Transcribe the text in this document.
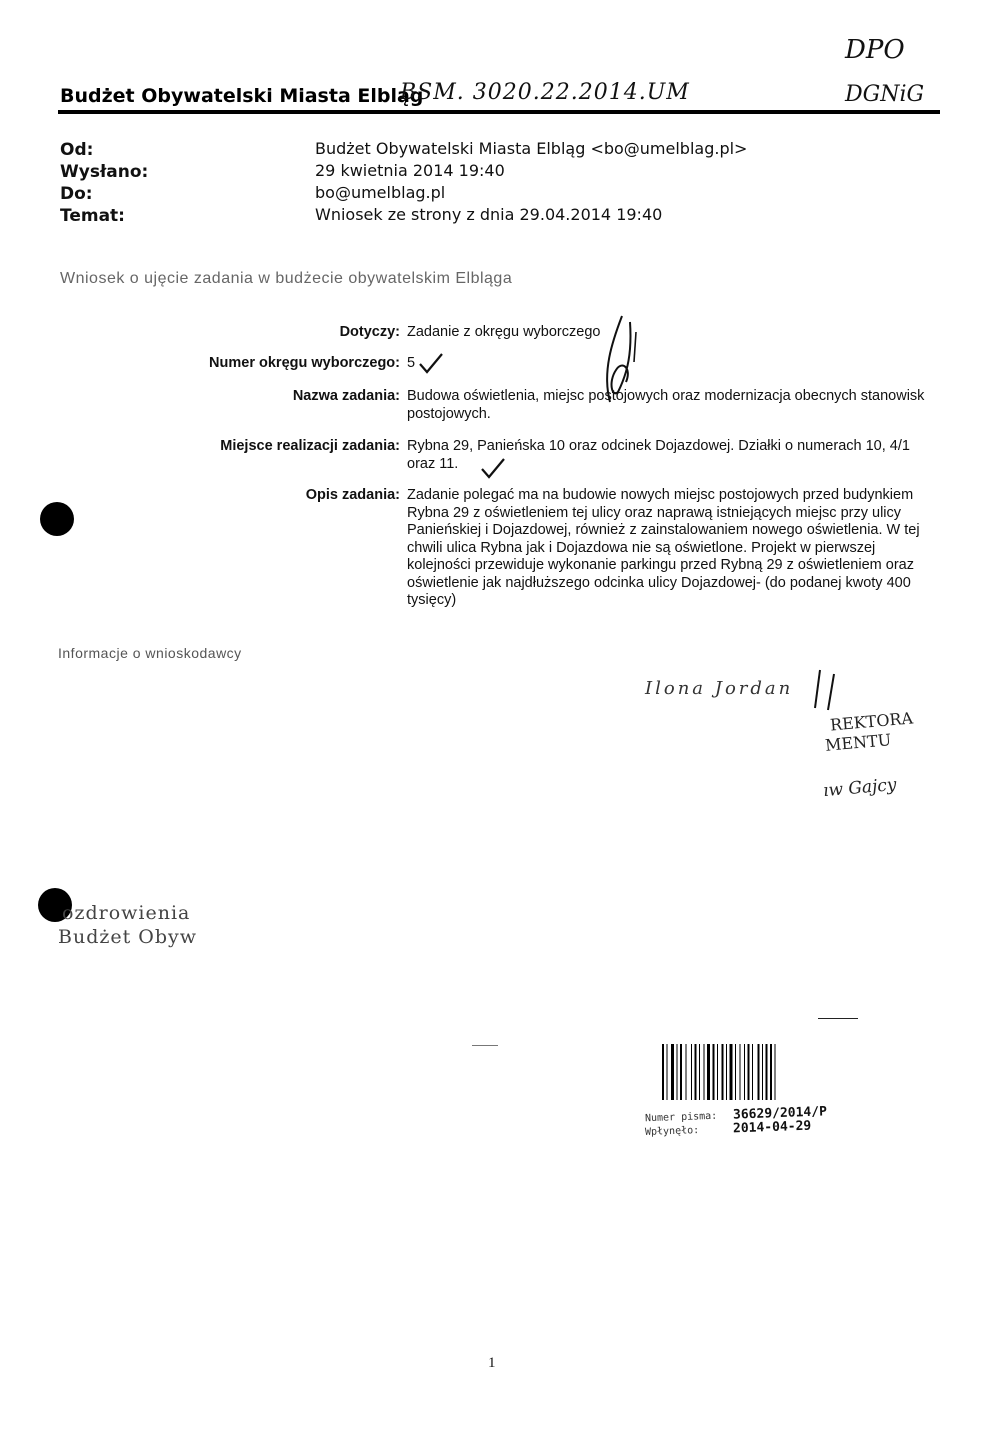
Budżet Obywatelski Miasta Elbląg
BSM. 3020.22.2014.UM
DPO
DGNiG
Od:	Budżet Obywatelski Miasta Elbląg <bo@umelblag.pl>
Wysłano:	29 kwietnia 2014 19:40
Do:	bo@umelblag.pl
Temat:	Wniosek ze strony z dnia 29.04.2014 19:40
Wniosek o ujęcie zadania w budżecie obywatelskim Elbląga
Dotyczy: Zadanie z okręgu wyborczego
Numer okręgu wyborczego: 5
Nazwa zadania: Budowa oświetlenia, miejsc postojowych oraz modernizacja obecnych stanowisk postojowych.
Miejsce realizacji zadania: Rybna 29, Panieńska 10 oraz odcinek Dojazdowej. Działki o numerach 10, 4/1 oraz 11.
Opis zadania: Zadanie polegać ma na budowie nowych miejsc postojowych przed budynkiem Rybna 29 z oświetleniem tej ulicy oraz naprawą istniejących miejsc przy ulicy Panieńskiej i Dojazdowej, również z zainstalowaniem nowego oświetlenia. W tej chwili ulica Rybna jak i Dojazdowa nie są oświetlone. Projekt w pierwszej kolejności przewiduje wykonanie parkingu przed Rybną 29 z oświetleniem oraz oświetlenie jak najdłuższego odcinka ulicy Dojazdowej- (do podanej kwoty 400 tysięcy)
Informacje o wnioskodawcy
Ilona Jordan
REKTORA
MENTU
ıw Gajcy
ozdrowienia
Budżet Obyw
Numer pisma: 36629/2014/P
Wpłynęło:	2014-04-29
1
